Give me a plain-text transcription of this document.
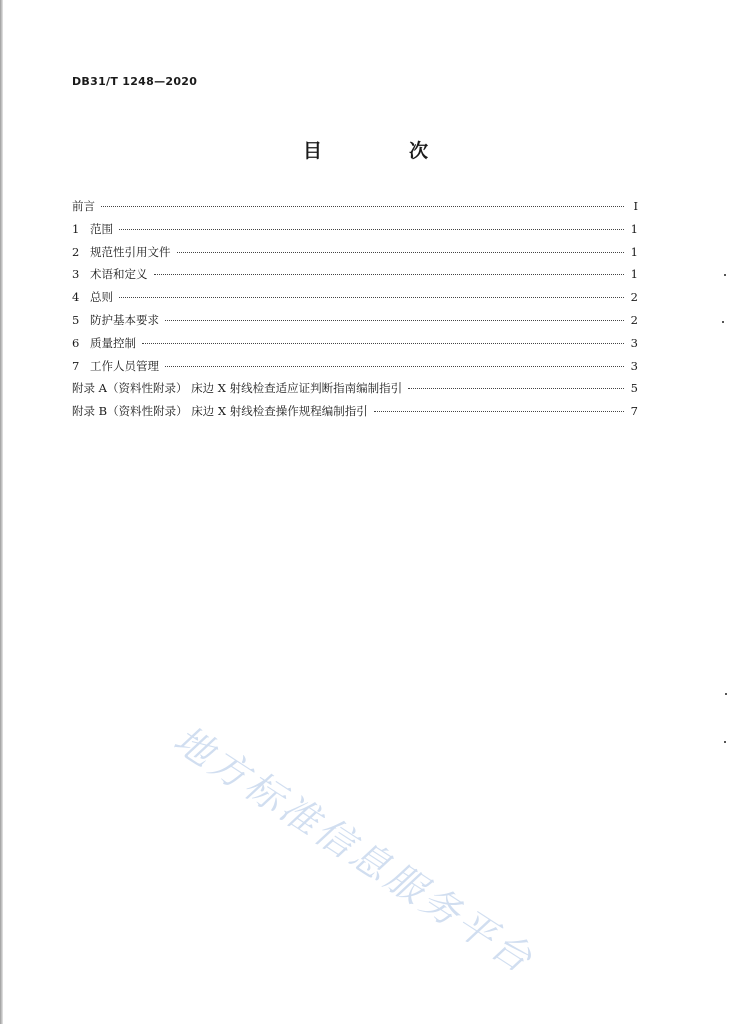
DB31/T 1248—2020
目　次
前言	I
1 范围	1
2 规范性引用文件	1
3 术语和定义	1
4 总则	2
5 防护基本要求	2
6 质量控制	3
7 工作人员管理	3
附录 A（资料性附录） 床边 X 射线检查适应证判断指南编制指引	5
附录 B（资料性附录） 床边 X 射线检查操作规程编制指引	7
地方标准信息服务平台
